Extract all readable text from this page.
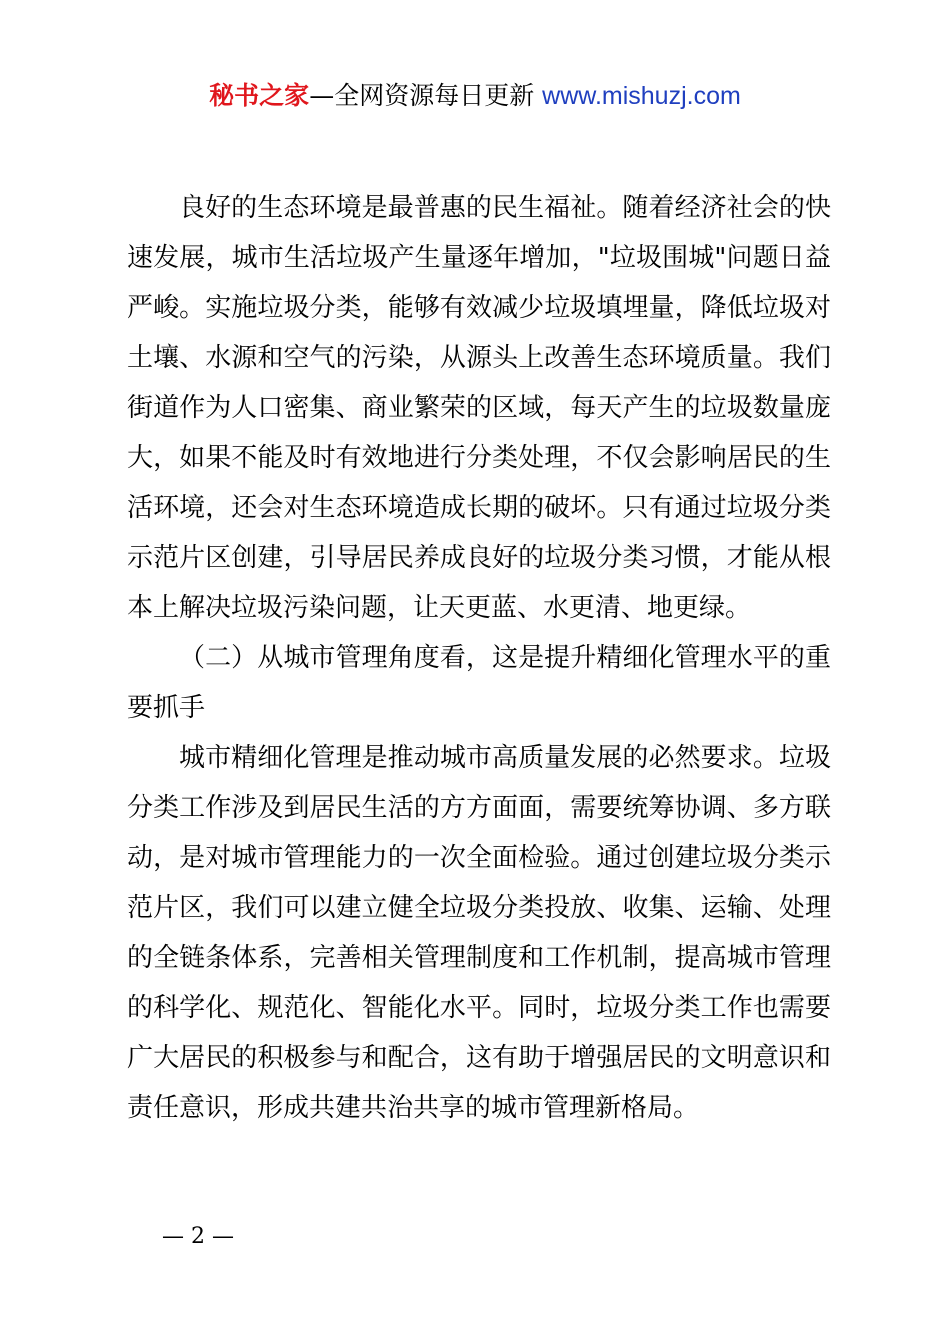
秘书之家—全网资源每日更新 www.mishuzj.com

良好的生态环境是最普惠的民生福祉。随着经济社会的快速发展，城市生活垃圾产生量逐年增加，"垃圾围城"问题日益严峻。实施垃圾分类，能够有效减少垃圾填埋量，降低垃圾对土壤、水源和空气的污染，从源头上改善生态环境质量。我们街道作为人口密集、商业繁荣的区域，每天产生的垃圾数量庞大，如果不能及时有效地进行分类处理，不仅会影响居民的生活环境，还会对生态环境造成长期的破坏。只有通过垃圾分类示范片区创建，引导居民养成良好的垃圾分类习惯，才能从根本上解决垃圾污染问题，让天更蓝、水更清、地更绿。

（二）从城市管理角度看，这是提升精细化管理水平的重要抓手

城市精细化管理是推动城市高质量发展的必然要求。垃圾分类工作涉及到居民生活的方方面面，需要统筹协调、多方联动，是对城市管理能力的一次全面检验。通过创建垃圾分类示范片区，我们可以建立健全垃圾分类投放、收集、运输、处理的全链条体系，完善相关管理制度和工作机制，提高城市管理的科学化、规范化、智能化水平。同时，垃圾分类工作也需要广大居民的积极参与和配合，这有助于增强居民的文明意识和责任意识，形成共建共治共享的城市管理新格局。

— 2 —
